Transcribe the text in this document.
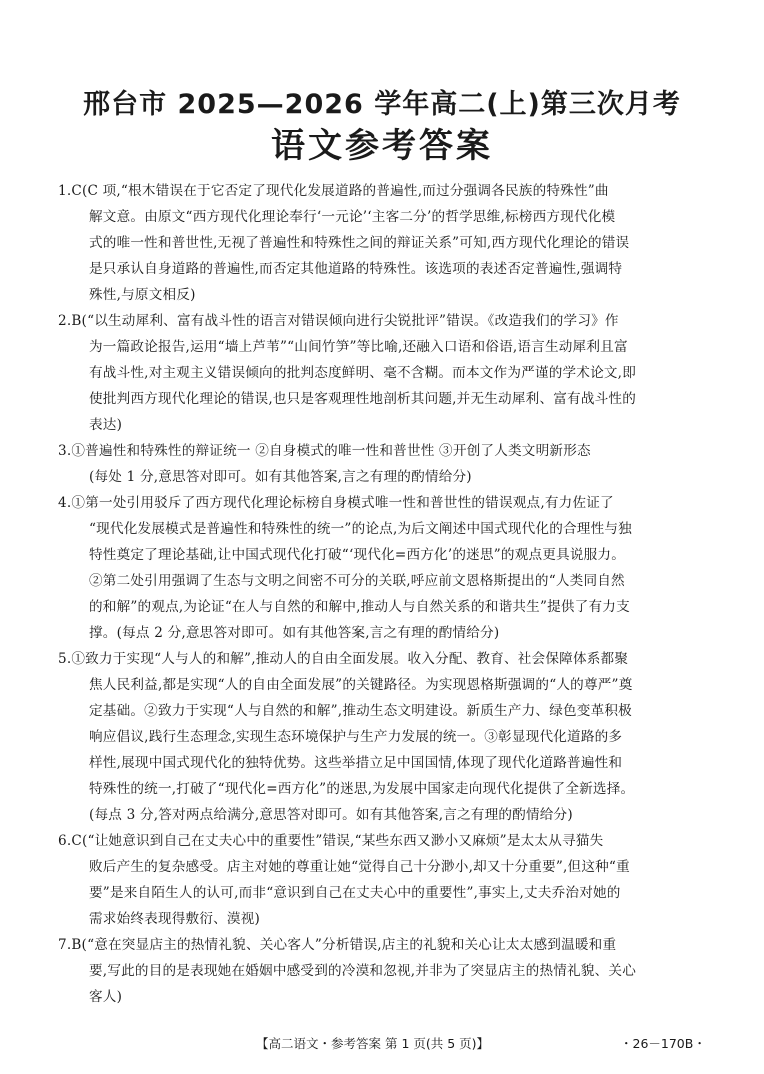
邢台市 2025—2026 学年高二(上)第三次月考
语文参考答案
1.C(C 项,“根木错误在于它否定了现代化发展道路的普遍性,而过分强调各民族的特殊性”曲
解文意。由原文“西方现代化理论奉行‘一元论’‘主客二分’的哲学思维,标榜西方现代化模
式的唯一性和普世性,无视了普遍性和特殊性之间的辩证关系”可知,西方现代化理论的错误
是只承认自身道路的普遍性,而否定其他道路的特殊性。该选项的表述否定普遍性,强调特
殊性,与原文相反)
2.B(“以生动犀利、富有战斗性的语言对错误倾向进行尖锐批评”错误。《改造我们的学习》作
为一篇政论报告,运用“墙上芦苇”“山间竹笋”等比喻,还融入口语和俗语,语言生动犀利且富
有战斗性,对主观主义错误倾向的批判态度鲜明、毫不含糊。而本文作为严谨的学术论文,即
使批判西方现代化理论的错误,也只是客观理性地剖析其问题,并无生动犀利、富有战斗性的
表达)
3.①普遍性和特殊性的辩证统一 ②自身模式的唯一性和普世性 ③开创了人类文明新形态
(每处 1 分,意思答对即可。如有其他答案,言之有理的酌情给分)
4.①第一处引用驳斥了西方现代化理论标榜自身模式唯一性和普世性的错误观点,有力佐证了
“现代化发展模式是普遍性和特殊性的统一”的论点,为后文阐述中国式现代化的合理性与独
特性奠定了理论基础,让中国式现代化打破“‘现代化=西方化’的迷思”的观点更具说服力。
②第二处引用强调了生态与文明之间密不可分的关联,呼应前文恩格斯提出的“人类同自然
的和解”的观点,为论证“在人与自然的和解中,推动人与自然关系的和谐共生”提供了有力支
撑。(每点 2 分,意思答对即可。如有其他答案,言之有理的酌情给分)
5.①致力于实现“人与人的和解”,推动人的自由全面发展。收入分配、教育、社会保障体系都聚
焦人民利益,都是实现“人的自由全面发展”的关键路径。为实现恩格斯强调的“人的尊严”奠
定基础。②致力于实现“人与自然的和解”,推动生态文明建设。新质生产力、绿色变革积极
响应倡议,践行生态理念,实现生态环境保护与生产力发展的统一。③彰显现代化道路的多
样性,展现中国式现代化的独特优势。这些举措立足中国国情,体现了现代化道路普遍性和
特殊性的统一,打破了“现代化=西方化”的迷思,为发展中国家走向现代化提供了全新选择。
(每点 3 分,答对两点给满分,意思答对即可。如有其他答案,言之有理的酌情给分)
6.C(“让她意识到自己在丈夫心中的重要性”错误,“某些东西又渺小又麻烦”是太太从寻猫失
败后产生的复杂感受。店主对她的尊重让她“觉得自己十分渺小,却又十分重要”,但这种“重
要”是来自陌生人的认可,而非“意识到自己在丈夫心中的重要性”,事实上,丈夫乔治对她的
需求始终表现得敷衍、漠视)
7.B(“意在突显店主的热情礼貌、关心客人”分析错误,店主的礼貌和关心让太太感到温暖和重
要,写此的目的是表现她在婚姻中感受到的冷漠和忽视,并非为了突显店主的热情礼貌、关心
客人)
【高二语文・参考答案 第 1 页(共 5 页)】	・26－170B・
